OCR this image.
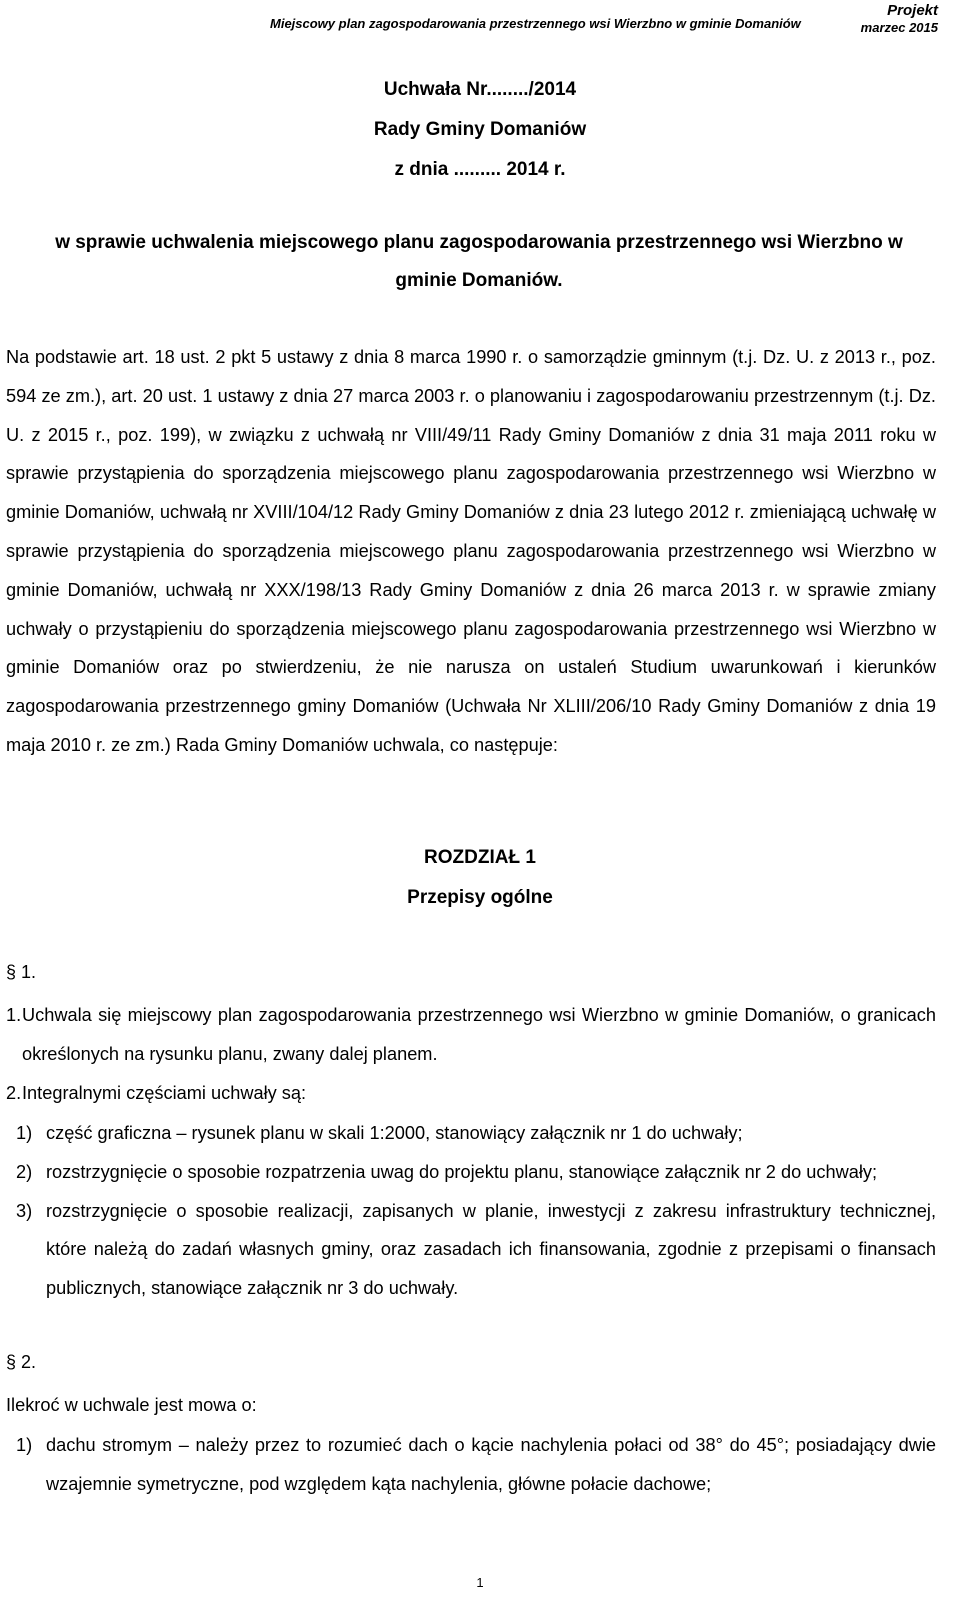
Miejscowy plan zagospodarowania przestrzennego wsi Wierzbno w gminie Domaniów
Projekt
marzec 2015
Uchwała Nr......../2014
Rady Gminy Domaniów
z dnia ......... 2014 r.
w sprawie uchwalenia miejscowego planu zagospodarowania przestrzennego wsi Wierzbno w gminie Domaniów.
Na podstawie art. 18 ust. 2 pkt 5 ustawy z dnia 8 marca 1990 r. o samorządzie gminnym (t.j. Dz. U. z 2013 r., poz. 594 ze zm.), art. 20 ust. 1 ustawy z dnia 27 marca 2003 r. o planowaniu i zagospodarowaniu przestrzennym (t.j. Dz. U. z 2015 r., poz. 199), w związku z uchwałą nr VIII/49/11 Rady Gminy Domaniów z dnia 31 maja 2011 roku w sprawie przystąpienia do sporządzenia miejscowego planu zagospodarowania przestrzennego wsi Wierzbno w gminie Domaniów, uchwałą nr XVIII/104/12 Rady Gminy Domaniów z dnia 23 lutego 2012 r. zmieniającą uchwałę w sprawie przystąpienia do sporządzenia miejscowego planu zagospodarowania przestrzennego wsi Wierzbno w gminie Domaniów, uchwałą nr XXX/198/13 Rady Gminy Domaniów z dnia 26 marca 2013 r. w sprawie zmiany uchwały o przystąpieniu do sporządzenia miejscowego planu zagospodarowania przestrzennego wsi Wierzbno w gminie Domaniów oraz po stwierdzeniu, że nie narusza on ustaleń Studium uwarunkowań i kierunków zagospodarowania przestrzennego gminy Domaniów (Uchwała Nr XLIII/206/10 Rady Gminy Domaniów z dnia 19 maja 2010 r. ze zm.) Rada Gminy Domaniów uchwala, co następuje:
ROZDZIAŁ 1
Przepisy ogólne
§ 1.
1. Uchwala się miejscowy plan zagospodarowania przestrzennego wsi Wierzbno w gminie Domaniów, o granicach określonych na rysunku planu, zwany dalej planem.
2. Integralnymi częściami uchwały są:
1) część graficzna – rysunek planu w skali 1:2000, stanowiący załącznik nr 1 do uchwały;
2) rozstrzygnięcie o sposobie rozpatrzenia uwag do projektu planu, stanowiące załącznik nr 2 do uchwały;
3) rozstrzygnięcie o sposobie realizacji, zapisanych w planie, inwestycji z zakresu infrastruktury technicznej, które należą do zadań własnych gminy, oraz zasadach ich finansowania, zgodnie z przepisami o finansach publicznych, stanowiące załącznik nr 3 do uchwały.
§ 2.
Ilekroć w uchwale jest mowa o:
1) dachu stromym – należy przez to rozumieć dach o kącie nachylenia połaci od 38° do 45°; posiadający dwie wzajemnie symetryczne, pod względem kąta nachylenia, główne połacie dachowe;
1
